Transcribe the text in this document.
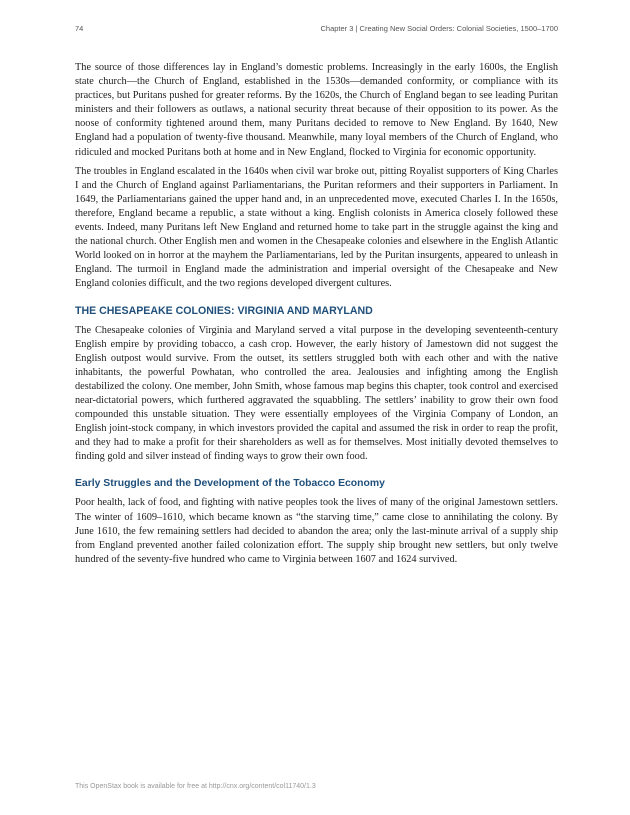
74	Chapter 3 | Creating New Social Orders: Colonial Societies, 1500–1700

The source of those differences lay in England’s domestic problems. Increasingly in the early 1600s, the English state church—the Church of England, established in the 1530s—demanded conformity, or compliance with its practices, but Puritans pushed for greater reforms. By the 1620s, the Church of England began to see leading Puritan ministers and their followers as outlaws, a national security threat because of their opposition to its power. As the noose of conformity tightened around them, many Puritans decided to remove to New England. By 1640, New England had a population of twenty-five thousand. Meanwhile, many loyal members of the Church of England, who ridiculed and mocked Puritans both at home and in New England, flocked to Virginia for economic opportunity.

The troubles in England escalated in the 1640s when civil war broke out, pitting Royalist supporters of King Charles I and the Church of England against Parliamentarians, the Puritan reformers and their supporters in Parliament. In 1649, the Parliamentarians gained the upper hand and, in an unprecedented move, executed Charles I. In the 1650s, therefore, England became a republic, a state without a king. English colonists in America closely followed these events. Indeed, many Puritans left New England and returned home to take part in the struggle against the king and the national church. Other English men and women in the Chesapeake colonies and elsewhere in the English Atlantic World looked on in horror at the mayhem the Parliamentarians, led by the Puritan insurgents, appeared to unleash in England. The turmoil in England made the administration and imperial oversight of the Chesapeake and New England colonies difficult, and the two regions developed divergent cultures.

THE CHESAPEAKE COLONIES: VIRGINIA AND MARYLAND

The Chesapeake colonies of Virginia and Maryland served a vital purpose in the developing seventeenth-century English empire by providing tobacco, a cash crop. However, the early history of Jamestown did not suggest the English outpost would survive. From the outset, its settlers struggled both with each other and with the native inhabitants, the powerful Powhatan, who controlled the area. Jealousies and infighting among the English destabilized the colony. One member, John Smith, whose famous map begins this chapter, took control and exercised near-dictatorial powers, which furthered aggravated the squabbling. The settlers’ inability to grow their own food compounded this unstable situation. They were essentially employees of the Virginia Company of London, an English joint-stock company, in which investors provided the capital and assumed the risk in order to reap the profit, and they had to make a profit for their shareholders as well as for themselves. Most initially devoted themselves to finding gold and silver instead of finding ways to grow their own food.

Early Struggles and the Development of the Tobacco Economy

Poor health, lack of food, and fighting with native peoples took the lives of many of the original Jamestown settlers. The winter of 1609–1610, which became known as “the starving time,” came close to annihilating the colony. By June 1610, the few remaining settlers had decided to abandon the area; only the last-minute arrival of a supply ship from England prevented another failed colonization effort. The supply ship brought new settlers, but only twelve hundred of the seventy-five hundred who came to Virginia between 1607 and 1624 survived.

This OpenStax book is available for free at http://cnx.org/content/col11740/1.3
